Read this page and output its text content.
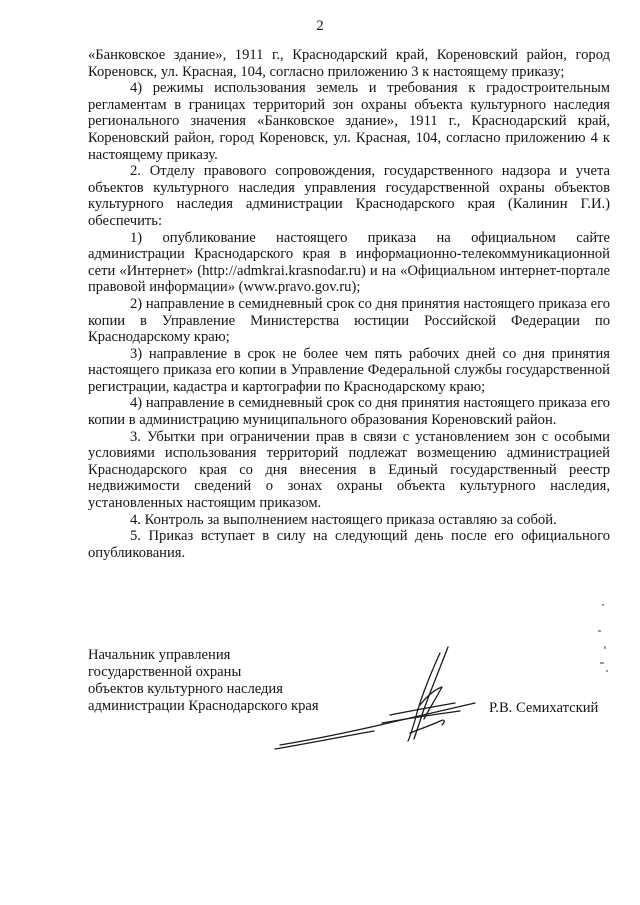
2

«Банковское здание», 1911 г., Краснодарский край, Кореновский район, город Кореновск, ул. Красная, 104, согласно приложению 3 к настоящему приказу;

4) режимы использования земель и требования к градостроительным регламентам в границах территорий зон охраны объекта культурного наследия регионального значения «Банковское здание», 1911 г., Краснодарский край, Кореновский район, город Кореновск, ул. Красная, 104, согласно приложению 4 к настоящему приказу.

2. Отделу правового сопровождения, государственного надзора и учета объектов культурного наследия управления государственной охраны объектов культурного наследия администрации Краснодарского края (Калинин Г.И.) обеспечить:

1) опубликование настоящего приказа на официальном сайте администрации Краснодарского края в информационно-телекоммуникационной сети «Интернет» (http://admkrai.krasnodar.ru) и на «Официальном интернет-портале правовой информации» (www.pravo.gov.ru);

2) направление в семидневный срок со дня принятия настоящего приказа его копии в Управление Министерства юстиции Российской Федерации по Краснодарскому краю;

3) направление в срок не более чем пять рабочих дней со дня принятия настоящего приказа его копии в Управление Федеральной службы государственной регистрации, кадастра и картографии по Краснодарскому краю;

4) направление в семидневный срок со дня принятия настоящего приказа его копии в администрацию муниципального образования Кореновский район.

3. Убытки при ограничении прав в связи с установлением зон с особыми условиями использования территорий подлежат возмещению администрацией Краснодарского края со дня внесения в Единый государственный реестр недвижимости сведений о зонах охраны объекта культурного наследия, установленных настоящим приказом.

4. Контроль за выполнением настоящего приказа оставляю за собой.

5. Приказ вступает в силу на следующий день после его официального опубликования.

Начальник управления

государственной охраны

объектов культурного наследия

администрации Краснодарского края	Р.В. Семихатский
